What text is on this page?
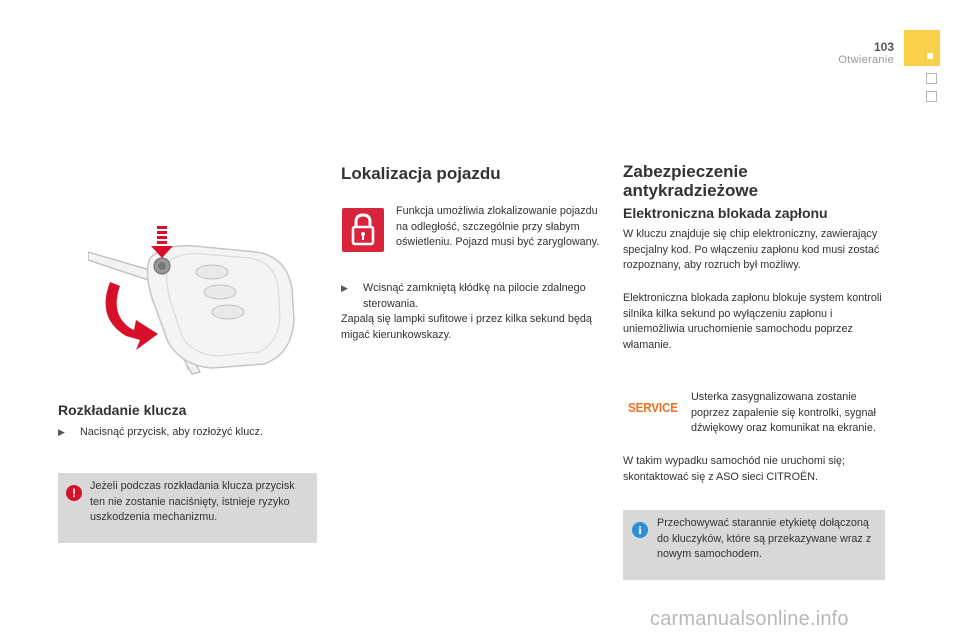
103
Otwieranie
Rozkładanie klucza
▶	Nacisnąć przycisk, aby rozłożyć klucz.
!	Jeżeli podczas rozkładania klucza przycisk ten nie zostanie naciśnięty, istnieje ryzyko uszkodzenia mechanizmu.

Lokalizacja pojazdu

Funkcja umożliwia zlokalizowanie pojazdu na odległość, szczególnie przy słabym oświetleniu. Pojazd musi być zaryglowany.

▶	Wcisnąć zamkniętą kłódkę na pilocie zdalnego sterowania.

Zapalą się lampki sufitowe i przez kilka sekund będą migać kierunkowskazy.

Zabezpieczenie
antykradzieżowe
Elektroniczna blokada zapłonu

W kluczu znajduje się chip elektroniczny, zawierający specjalny kod. Po włączeniu zapłonu kod musi zostać rozpoznany, aby rozruch był możliwy.

Elektroniczna blokada zapłonu blokuje system kontroli silnika kilka sekund po wyłączeniu zapłonu i uniemożliwia uruchomienie samochodu poprzez włamanie.

SERVICE

Usterka zasygnalizowana zostanie poprzez zapalenie się kontrolki, sygnał dźwiękowy oraz komunikat na ekranie.

W takim wypadku samochód nie uruchomi się; skontaktować się z ASO sieci CITROËN.

i	Przechowywać starannie etykietę dołączoną do kluczyków, które są przekazywane wraz z nowym samochodem.

carmanualsonline.info
